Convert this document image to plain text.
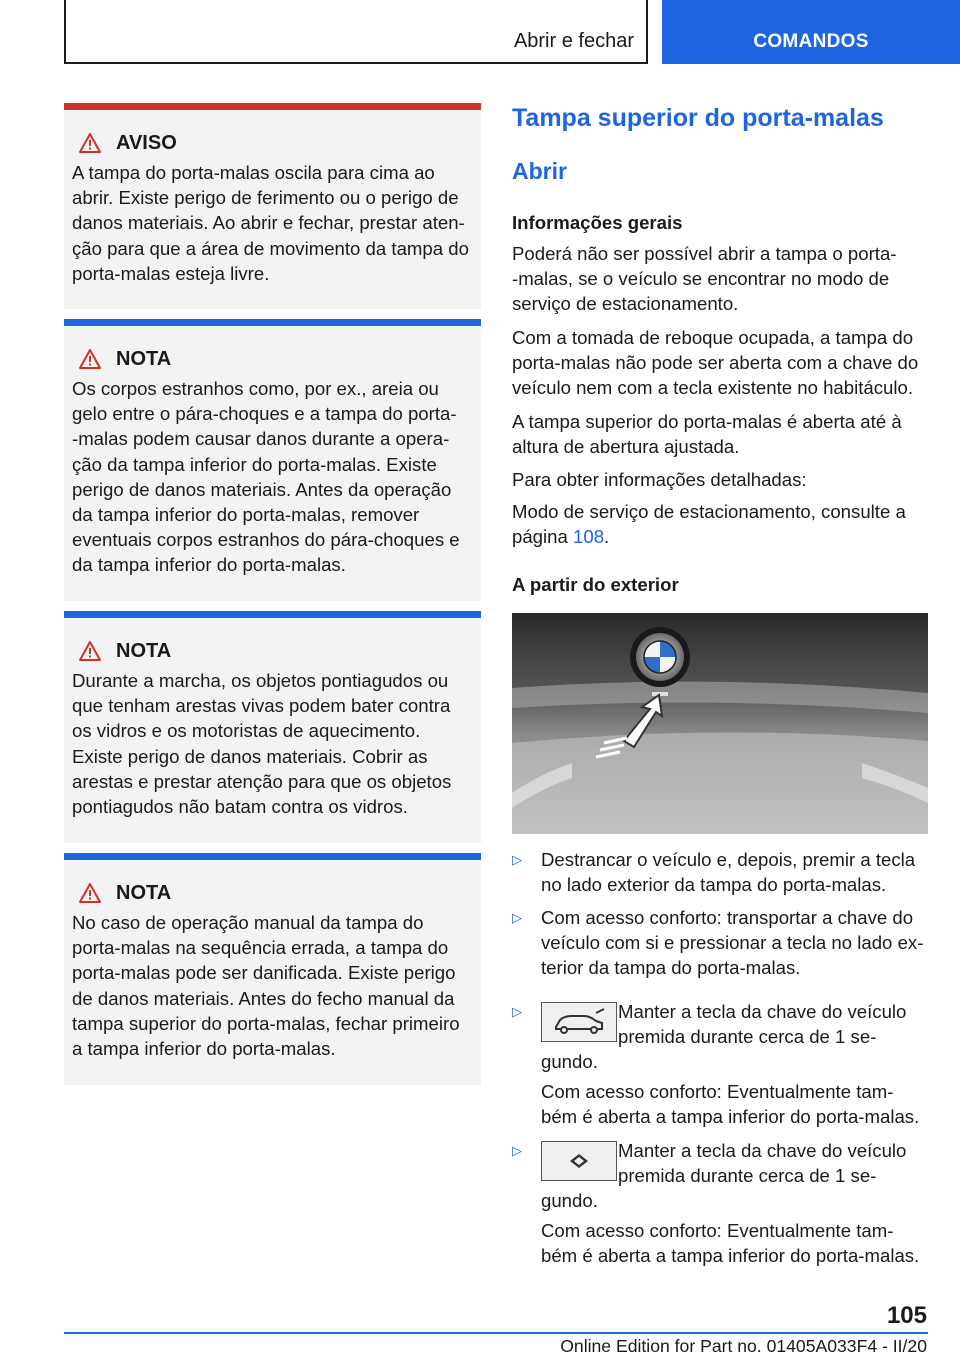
Abrir e fechar	COMANDOS
AVISO

A tampa do porta-malas oscila para cima ao
abrir. Existe perigo de ferimento ou o perigo de
danos materiais. Ao abrir e fechar, prestar aten-
ção para que a área de movimento da tampa do
porta-malas esteja livre.

NOTA

Os corpos estranhos como, por ex., areia ou
gelo entre o pára-choques e a tampa do porta-
-malas podem causar danos durante a opera-
ção da tampa inferior do porta-malas. Existe
perigo de danos materiais. Antes da operação
da tampa inferior do porta-malas, remover
eventuais corpos estranhos do pára-choques e
da tampa inferior do porta-malas.

NOTA

Durante a marcha, os objetos pontiagudos ou
que tenham arestas vivas podem bater contra
os vidros e os motoristas de aquecimento.
Existe perigo de danos materiais. Cobrir as
arestas e prestar atenção para que os objetos
pontiagudos não batam contra os vidros.

NOTA

No caso de operação manual da tampa do
porta-malas na sequência errada, a tampa do
porta-malas pode ser danificada. Existe perigo
de danos materiais. Antes do fecho manual da
tampa superior do porta-malas, fechar primeiro
a tampa inferior do porta-malas.

Tampa superior do porta-malas
Abrir
Informações gerais

Poderá não ser possível abrir a tampa o porta-
-malas, se o veículo se encontrar no modo de
serviço de estacionamento.

Com a tomada de reboque ocupada, a tampa do
porta-malas não pode ser aberta com a chave do
veículo nem com a tecla existente no habitáculo.

A tampa superior do porta-malas é aberta até à
altura de abertura ajustada.

Para obter informações detalhadas:

Modo de serviço de estacionamento, consulte a
página 108.

A partir do exterior
▷ Destrancar o veículo e, depois, premir a tecla
no lado exterior da tampa do porta-malas.

▷ Com acesso conforto: transportar a chave do
veículo com si e pressionar a tecla no lado ex-
terior da tampa do porta-malas.

▷	Manter a tecla da chave do veículo
premida durante cerca de 1 se-

gundo.

Com acesso conforto: Eventualmente tam-
bém é aberta a tampa inferior do porta-malas.

▷	Manter a tecla da chave do veículo
premida durante cerca de 1 se-

gundo.

Com acesso conforto: Eventualmente tam-
bém é aberta a tampa inferior do porta-malas.

105
Online Edition for Part no. 01405A033F4 - II/20
